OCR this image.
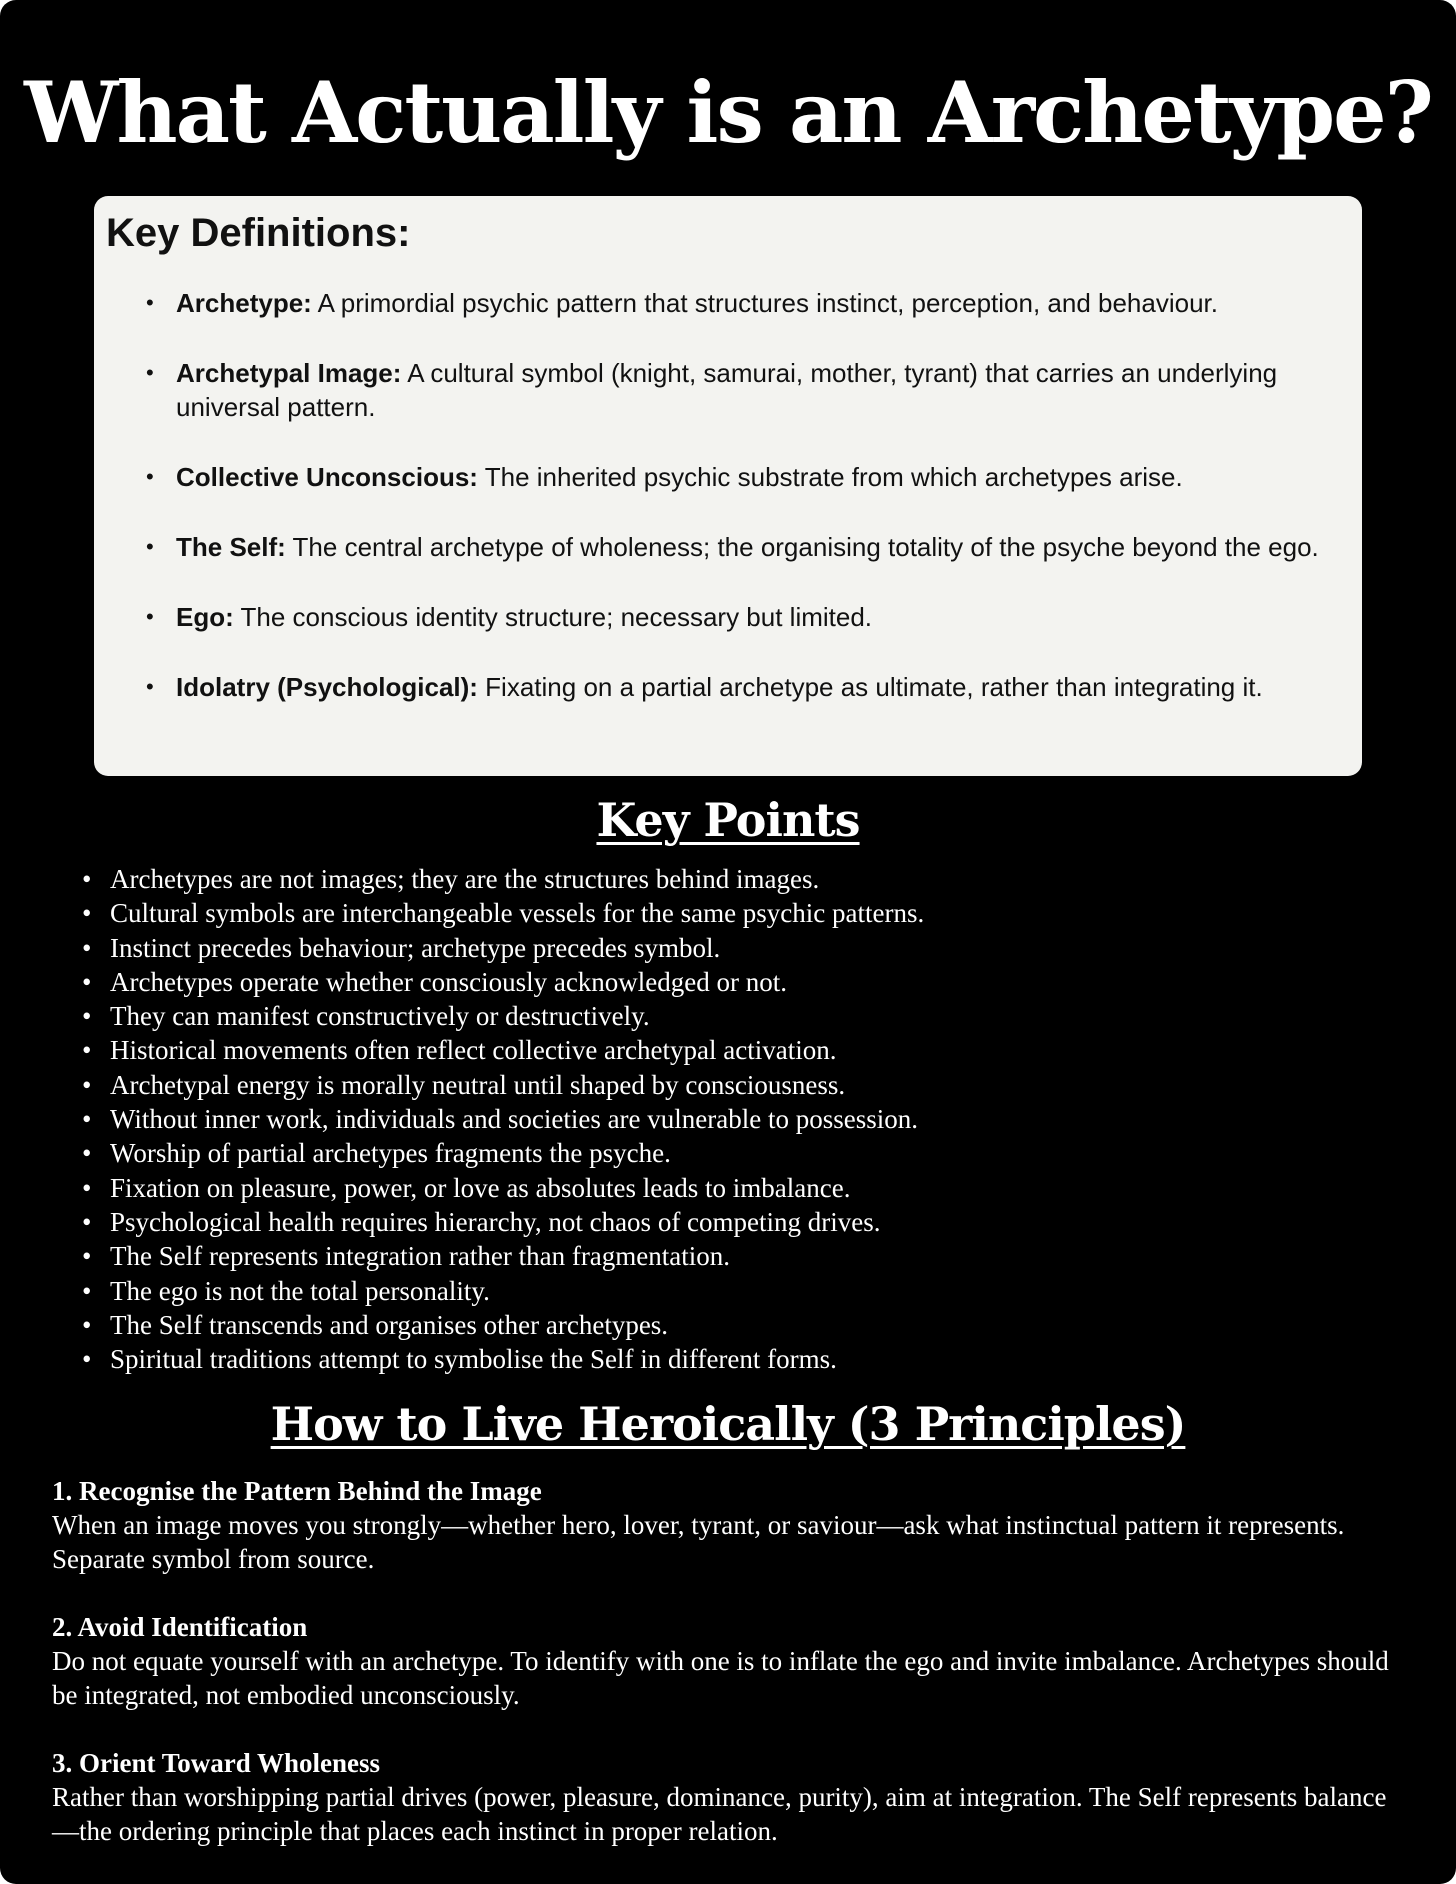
What Actually is an Archetype?
Key Definitions:
• Archetype: A primordial psychic pattern that structures instinct, perception, and behaviour.
• Archetypal Image: A cultural symbol (knight, samurai, mother, tyrant) that carries an underlying universal pattern.
• Collective Unconscious: The inherited psychic substrate from which archetypes arise.
• The Self: The central archetype of wholeness; the organising totality of the psyche beyond the ego.
• Ego: The conscious identity structure; necessary but limited.
• Idolatry (Psychological): Fixating on a partial archetype as ultimate, rather than integrating it.
Key Points
• Archetypes are not images; they are the structures behind images.
• Cultural symbols are interchangeable vessels for the same psychic patterns.
• Instinct precedes behaviour; archetype precedes symbol.
• Archetypes operate whether consciously acknowledged or not.
• They can manifest constructively or destructively.
• Historical movements often reflect collective archetypal activation.
• Archetypal energy is morally neutral until shaped by consciousness.
• Without inner work, individuals and societies are vulnerable to possession.
• Worship of partial archetypes fragments the psyche.
• Fixation on pleasure, power, or love as absolutes leads to imbalance.
• Psychological health requires hierarchy, not chaos of competing drives.
• The Self represents integration rather than fragmentation.
• The ego is not the total personality.
• The Self transcends and organises other archetypes.
• Spiritual traditions attempt to symbolise the Self in different forms.
How to Live Heroically (3 Principles)
1. Recognise the Pattern Behind the Image
When an image moves you strongly—whether hero, lover, tyrant, or saviour—ask what instinctual pattern it represents. Separate symbol from source.
2. Avoid Identification
Do not equate yourself with an archetype. To identify with one is to inflate the ego and invite imbalance. Archetypes should be integrated, not embodied unconsciously.
3. Orient Toward Wholeness
Rather than worshipping partial drives (power, pleasure, dominance, purity), aim at integration. The Self represents balance—the ordering principle that places each instinct in proper relation.
